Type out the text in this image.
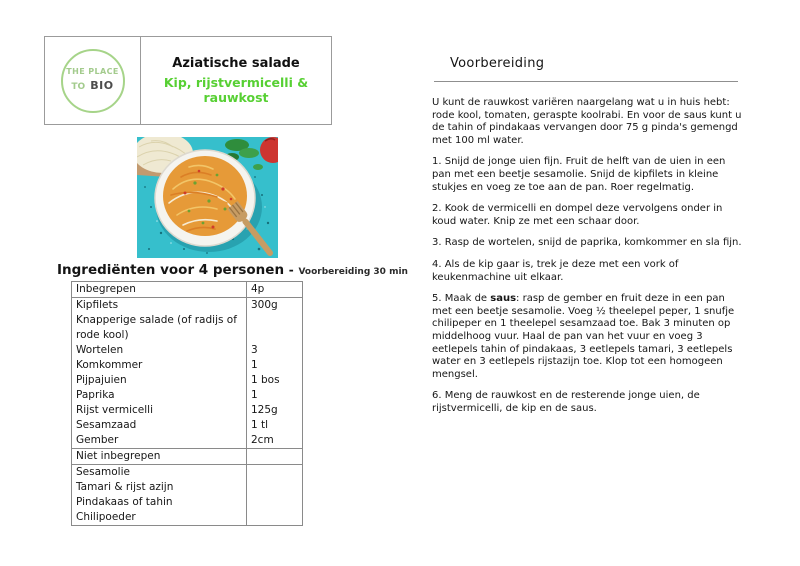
THE PLACE
TO BIO
Aziatische salade
Kip, rijstvermicelli & rauwkost
Ingrediënten voor 4 personen - Voorbereiding 30 min
Inbegrepen	4p
Kipfilets	300g
Knapperige salade (of radijs of rode kool)	
Wortelen	3
Komkommer	1
Pijpajuien	1 bos
Paprika	1
Rijst vermicelli	125g
Sesamzaad	1 tl
Gember	2cm
Niet inbegrepen	
Sesamolie	
Tamari & rijst azijn	
Pindakaas of tahin	
Chilipoeder	
Voorbereiding

U kunt de rauwkost variëren naargelang wat u in huis hebt: rode kool, tomaten, geraspte koolrabi. En voor de saus kunt u de tahin of pindakaas vervangen door 75 g pinda's gemengd met 100 ml water.

1. Snijd de jonge uien fijn. Fruit de helft van de uien in een pan met een beetje sesamolie. Snijd de kipfilets in kleine stukjes en voeg ze toe aan de pan. Roer regelmatig.

2. Kook de vermicelli en dompel deze vervolgens onder in koud water. Knip ze met een schaar door.

3. Rasp de wortelen, snijd de paprika, komkommer en sla fijn.

4. Als de kip gaar is, trek je deze met een vork of keukenmachine uit elkaar.

5. Maak de saus: rasp de gember en fruit deze in een pan met een beetje sesamolie. Voeg ½ theelepel peper, 1 snufje chilipeper en 1 theelepel sesamzaad toe. Bak 3 minuten op middelhoog vuur. Haal de pan van het vuur en voeg 3 eetlepels tahin of pindakaas, 3 eetlepels tamari, 3 eetlepels water en 3 eetlepels rijstazijn toe. Klop tot een homogeen mengsel.

6. Meng de rauwkost en de resterende jonge uien, de rijstvermicelli, de kip en de saus.
